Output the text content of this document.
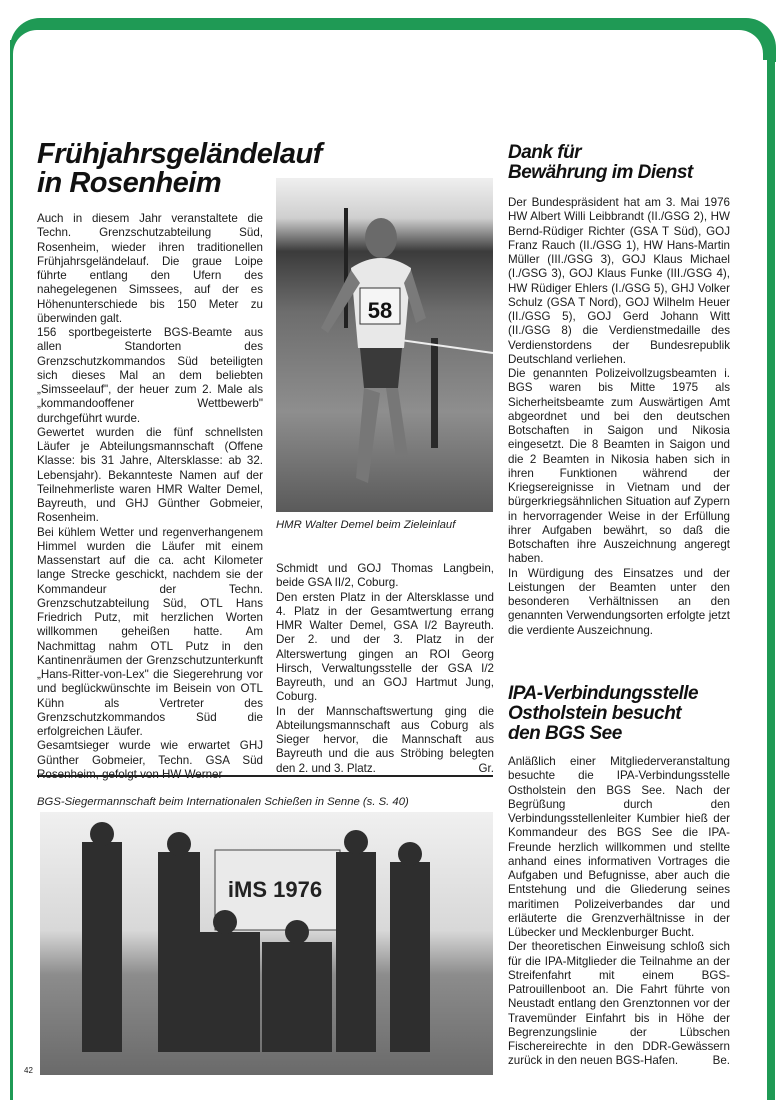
Frühjahrsgeländelauf
in Rosenheim

Auch in diesem Jahr veranstaltete die Techn. Grenzschutzabteilung Süd, Rosenheim, wieder ihren traditionellen Frühjahrsgeländelauf. Die graue Loipe führte entlang den Ufern des nahegelegenen Simssees, auf der es Höhenunterschiede bis 150 Meter zu überwinden galt.

156 sportbegeisterte BGS-Beamte aus allen Standorten des Grenzschutzkommandos Süd beteiligten sich dieses Mal an dem beliebten „Simsseelauf", der heuer zum 2. Male als „kommandooffener Wettbewerb" durchgeführt wurde.

Gewertet wurden die fünf schnellsten Läufer je Abteilungsmannschaft (Offene Klasse: bis 31 Jahre, Altersklasse: ab 32. Lebensjahr). Bekannteste Namen auf der Teilnehmerliste waren HMR Walter Demel, Bayreuth, und GHJ Günther Gobmeier, Rosenheim.

Bei kühlem Wetter und regenverhangenem Himmel wurden die Läufer mit einem Massenstart auf die ca. acht Kilometer lange Strecke geschickt, nachdem sie der Kommandeur der Techn. Grenzschutzabteilung Süd, OTL Hans Friedrich Putz, mit herzlichen Worten willkommen geheißen hatte. Am Nachmittag nahm OTL Putz in den Kantinenräumen der Grenzschutzunterkunft „Hans-Ritter-von-Lex" die Siegerehrung vor und beglückwünschte im Beisein von OTL Kühn als Vertreter des Grenzschutzkommandos Süd die erfolgreichen Läufer.

Gesamtsieger wurde wie erwartet GHJ Günther Gobmeier, Techn. GSA Süd

58
HMR Walter Demel beim Zieleinlauf

Schmidt und GOJ Thomas Langbein, beide GSA II/2, Coburg.

Den ersten Platz in der Altersklasse und 4. Platz in der Gesamtwertung errang HMR Walter Demel, GSA I/2 Bayreuth. Der 2. und der 3. Platz in der Alterswertung gingen an ROI Georg Hirsch, Verwaltungsstelle der GSA I/2 Bayreuth, und an GOJ Hartmut Jung, Coburg.

In der Mannschaftswertung ging die Abteilungsmannschaft aus Coburg als Sieger hervor, die Mannschaft aus Bayreuth und die aus Ströbing belegten den 2. und 3. Platz.	Gr.

BGS-Siegermannschaft beim Internationalen Schießen in Senne (s. S. 40)
iMS 1976
42
Dank für
Bewährung im Dienst

Der Bundespräsident hat am 3. Mai 1976 HW Albert Willi Leibbrandt (II./GSG 2), HW Bernd-Rüdiger Richter (GSA T Süd), GOJ Franz Rauch (II./GSG 1), HW Hans-Martin Müller (III./GSG 3), GOJ Klaus Michael (I./GSG 3), GOJ Klaus Funke (III./GSG 4), HW Rüdiger Ehlers (I./GSG 5), GHJ Volker Schulz (GSA T Nord), GOJ Wilhelm Heuer (II./GSG 5), GOJ Gerd Johann Witt (II./GSG 8) die Verdienstmedaille des Verdienstordens der Bundesrepublik Deutschland verliehen.

Die genannten Polizeivollzugsbeamten i. BGS waren bis Mitte 1975 als Sicherheitsbeamte zum Auswärtigen Amt abgeordnet und bei den deutschen Botschaften in Saigon und Nikosia eingesetzt. Die 8 Beamten in Saigon und die 2 Beamten in Nikosia haben sich in ihren Funktionen während der Kriegsereignisse in Vietnam und der bürgerkriegsähnlichen Situation auf Zypern in hervorragender Weise in der Erfüllung ihrer Aufgaben bewährt, so daß die Botschaften ihre Auszeichnung angeregt haben.

In Würdigung des Einsatzes und der Leistungen der Beamten unter den besonderen Verhältnissen an den genannten Verwendungsorten erfolgte jetzt die verdiente Auszeichnung.

IPA-Verbindungsstelle
Ostholstein besucht
den BGS See

Anläßlich einer Mitgliederveranstaltung besuchte die IPA-Verbindungsstelle Ostholstein den BGS See. Nach der Begrüßung durch den Verbindungsstellenleiter Kumbier hieß der Kommandeur des BGS See die IPA-Freunde herzlich willkommen und stellte anhand eines informativen Vortrages die Aufgaben und Befugnisse, aber auch die Entstehung und die Gliederung seines maritimen Polizeiverbandes dar und erläuterte die Grenzverhältnisse in der Lübecker und Mecklenburger Bucht.

Der theoretischen Einweisung schloß sich für die IPA-Mitglieder die Teilnahme an der Streifenfahrt mit einem BGS-Patrouillenboot an. Die Fahrt führte von Neustadt entlang den Grenztonnen vor der Travemünder Einfahrt bis in Höhe der Begrenzungslinie der Lübschen Fischereirechte in den DDR-Gewässern zurück in den neuen BGS-Hafen.	Be.
